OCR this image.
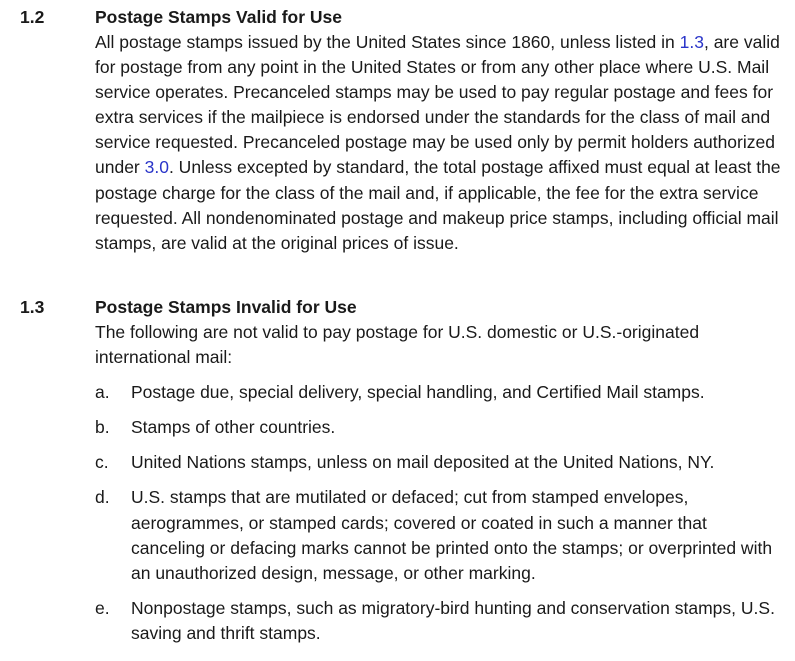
1.2	Postage Stamps Valid for Use

All postage stamps issued by the United States since 1860, unless listed in 1.3, are valid for postage from any point in the United States or from any other place where U.S. Mail service operates. Precanceled stamps may be used to pay regular postage and fees for extra services if the mailpiece is endorsed under the standards for the class of mail and service requested. Precanceled postage may be used only by permit holders authorized under 3.0. Unless excepted by standard, the total postage affixed must equal at least the postage charge for the class of the mail and, if applicable, the fee for the extra service requested. All nondenominated postage and makeup price stamps, including official mail stamps, are valid at the original prices of issue.

1.3	Postage Stamps Invalid for Use

The following are not valid to pay postage for U.S. domestic or U.S.-originated international mail:

a.	Postage due, special delivery, special handling, and Certified Mail stamps.
b.	Stamps of other countries.
c.	United Nations stamps, unless on mail deposited at the United Nations, NY.
d.	U.S. stamps that are mutilated or defaced; cut from stamped envelopes, aerogrammes, or stamped cards; covered or coated in such a manner that canceling or defacing marks cannot be printed onto the stamps; or overprinted with an unauthorized design, message, or other marking.
e.	Nonpostage stamps, such as migratory-bird hunting and conservation stamps, U.S. saving and thrift stamps.
